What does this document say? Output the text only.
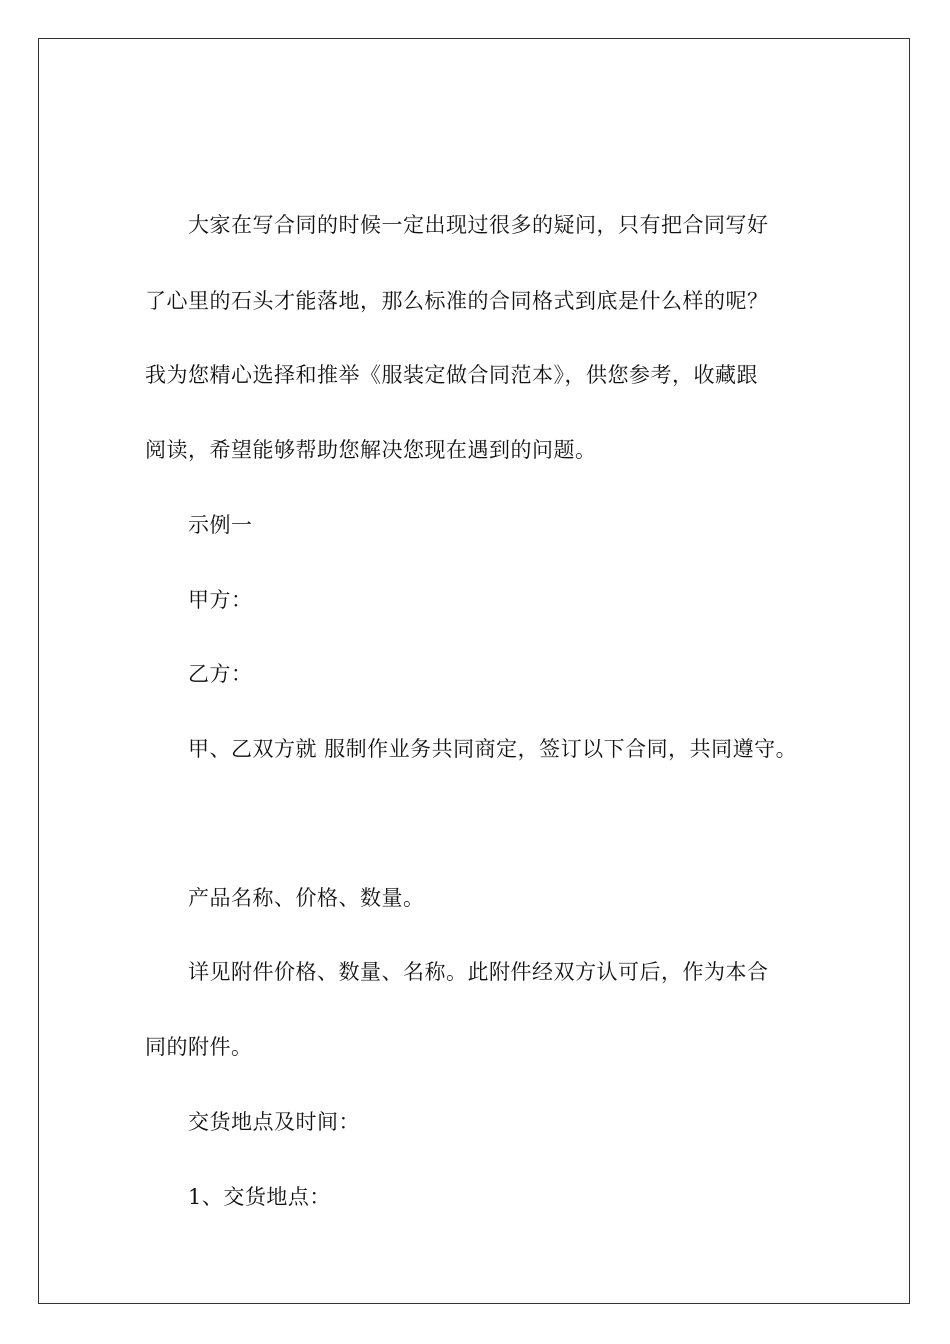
大家在写合同的时候一定出现过很多的疑问，只有把合同写好
了心里的石头才能落地，那么标准的合同格式到底是什么样的呢？
我为您精心选择和推举《服装定做合同范本》，供您参考，收藏跟
阅读，希望能够帮助您解决您现在遇到的问题。
示例一
甲方：
乙方：
甲、乙双方就 服制作业务共同商定，签订以下合同，共同遵守。
产品名称、价格、数量。
详见附件价格、数量、名称。此附件经双方认可后，作为本合
同的附件。
交货地点及时间：
1、交货地点：
